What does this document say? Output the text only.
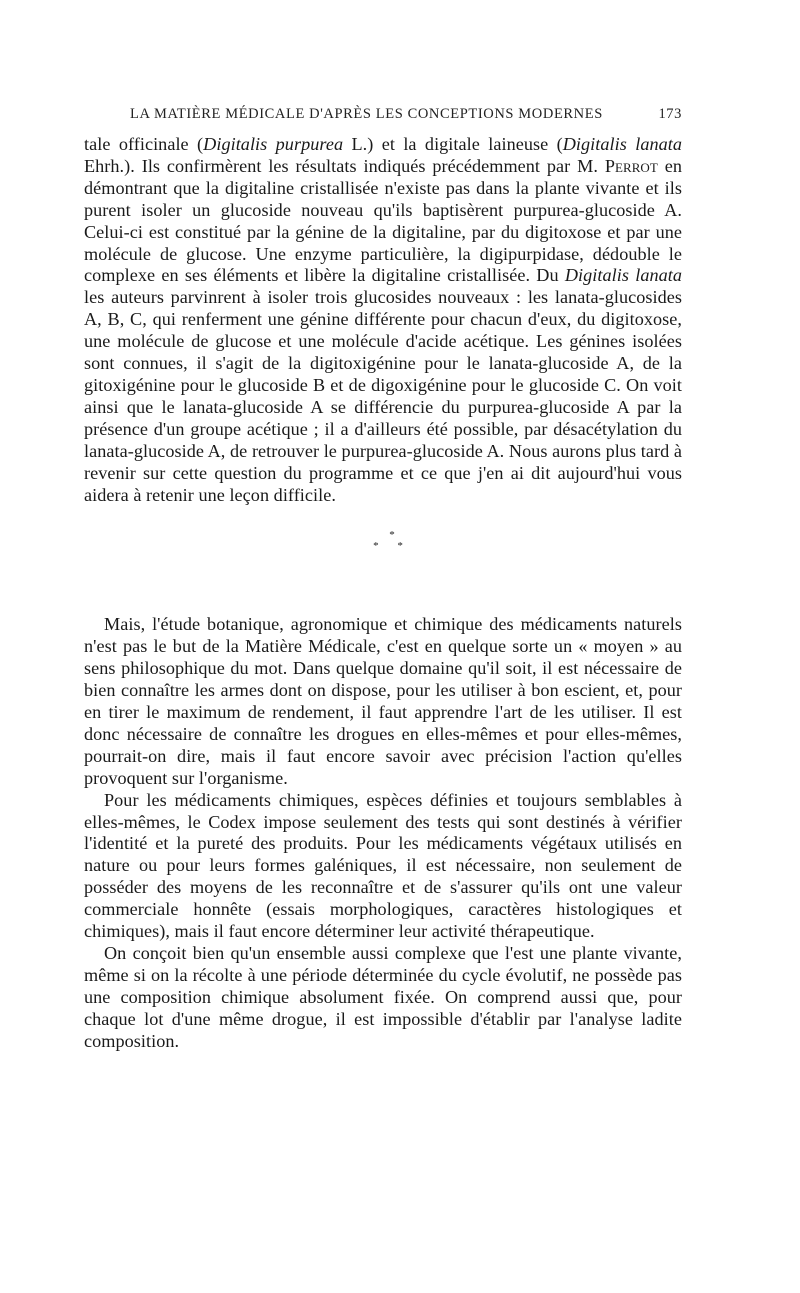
LA MATIÈRE MÉDICALE D'APRÈS LES CONCEPTIONS MODERNES	173

tale officinale (Digitalis purpurea L.) et la digitale laineuse (Digitalis lanata Ehrh.). Ils confirmèrent les résultats indiqués précédemment par M. Perrot en démontrant que la digitaline cristallisée n'existe pas dans la plante vivante et ils purent isoler un glucoside nouveau qu'ils baptisèrent purpurea-glucoside A. Celui-ci est constitué par la génine de la digitaline, par du digitoxose et par une molécule de glucose. Une enzyme particulière, la digipurpidase, dédouble le complexe en ses éléments et libère la digitaline cristallisée. Du Digitalis lanata les auteurs parvinrent à isoler trois glucosides nouveaux : les lanata-glucosides A, B, C, qui renferment une génine différente pour chacun d'eux, du digitoxose, une molécule de glucose et une molécule d'acide acétique. Les génines isolées sont connues, il s'agit de la digitoxigénine pour le lanata-glucoside A, de la gitoxigénine pour le glucoside B et de digoxigénine pour le glucoside C. On voit ainsi que le lanata-glucoside A se différencie du purpurea-glucoside A par la présence d'un groupe acétique ; il a d'ailleurs été possible, par désacétylation du lanata-glucoside A, de retrouver le purpurea-glucoside A. Nous aurons plus tard à revenir sur cette question du programme et ce que j'en ai dit aujourd'hui vous aidera à retenir une leçon difficile.

*
* *

Mais, l'étude botanique, agronomique et chimique des médicaments naturels n'est pas le but de la Matière Médicale, c'est en quelque sorte un « moyen » au sens philosophique du mot. Dans quelque domaine qu'il soit, il est nécessaire de bien connaître les armes dont on dispose, pour les utiliser à bon escient, et, pour en tirer le maximum de rendement, il faut apprendre l'art de les utiliser. Il est donc nécessaire de connaître les drogues en elles-mêmes et pour elles-mêmes, pourrait-on dire, mais il faut encore savoir avec précision l'action qu'elles provoquent sur l'organisme.

Pour les médicaments chimiques, espèces définies et toujours semblables à elles-mêmes, le Codex impose seulement des tests qui sont destinés à vérifier l'identité et la pureté des produits. Pour les médicaments végétaux utilisés en nature ou pour leurs formes galéniques, il est nécessaire, non seulement de posséder des moyens de les reconnaître et de s'assurer qu'ils ont une valeur commerciale honnête (essais morphologiques, caractères histologiques et chimiques), mais il faut encore déterminer leur activité thérapeutique.

On conçoit bien qu'un ensemble aussi complexe que l'est une plante vivante, même si on la récolte à une période déterminée du cycle évolutif, ne possède pas une composition chimique absolument fixée. On comprend aussi que, pour chaque lot d'une même drogue, il est impossible d'établir par l'analyse ladite composition.
